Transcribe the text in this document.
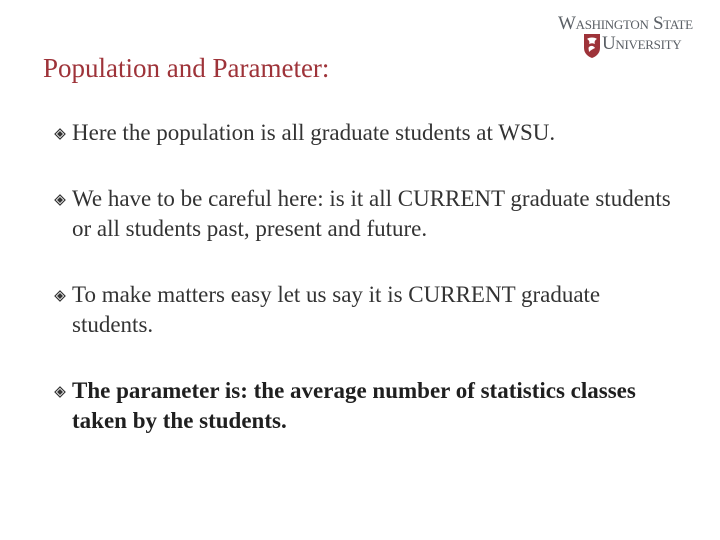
Washington State
University
Population and Parameter:
Here the population is all graduate students at WSU.
We have to be careful here: is it all CURRENT graduate students or all students past, present and future.
To make matters easy let us say it is CURRENT graduate students.
The parameter is: the average number of statistics classes taken by the students.
